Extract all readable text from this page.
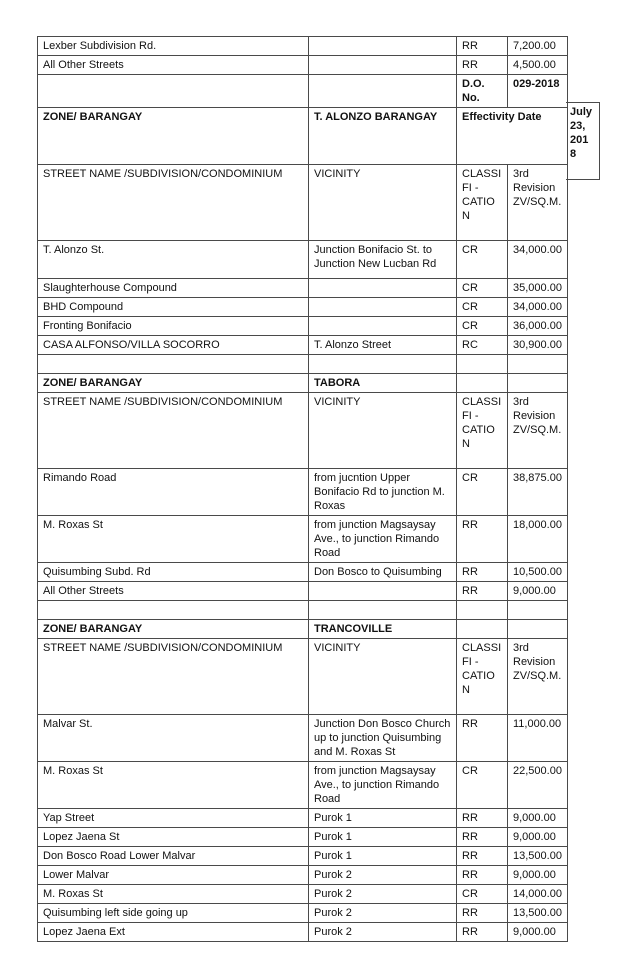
Lexber Subdivision Rd.		RR	7,200.00
All Other Streets		RR	4,500.00
		D.O. No.	029-2018
ZONE/ BARANGAY	T. ALONZO BARANGAY	Effectivity Date	
STREET NAME /SUBDIVISION/CONDOMINIUM	VICINITY	CLASSIFI -CATION	3rd Revision ZV/SQ.M.
T. Alonzo St.	Junction Bonifacio St. to Junction New Lucban Rd	CR	34,000.00
Slaughterhouse Compound		CR	35,000.00
BHD Compound		CR	34,000.00
Fronting Bonifacio		CR	36,000.00
CASA ALFONSO/VILLA SOCORRO	T. Alonzo Street	RC	30,900.00

ZONE/ BARANGAY	TABORA		
STREET NAME /SUBDIVISION/CONDOMINIUM	VICINITY	CLASSIFI -CATION	3rd Revision ZV/SQ.M.
Rimando Road	from jucntion Upper Bonifacio Rd to junction M. Roxas	CR	38,875.00
M. Roxas St	from junction Magsaysay Ave., to junction Rimando Road	RR	18,000.00
Quisumbing Subd. Rd	Don Bosco to Quisumbing	RR	10,500.00
All Other Streets		RR	9,000.00

ZONE/ BARANGAY	TRANCOVILLE		
STREET NAME /SUBDIVISION/CONDOMINIUM	VICINITY	CLASSIFI -CATION	3rd Revision ZV/SQ.M.
Malvar St.	Junction Don Bosco Church up to junction Quisumbing and M. Roxas St	RR	11,000.00
M. Roxas St	from junction Magsaysay Ave., to junction Rimando Road	CR	22,500.00
Yap Street	Purok 1	RR	9,000.00
Lopez Jaena St	Purok 1	RR	9,000.00
Don Bosco Road Lower Malvar	Purok 1	RR	13,500.00
Lower Malvar	Purok 2	RR	9,000.00
M. Roxas St	Purok 2	CR	14,000.00
Quisumbing left side going up	Purok 2	RR	13,500.00
Lopez Jaena Ext	Purok 2	RR	9,000.00
July 23, 201 8
